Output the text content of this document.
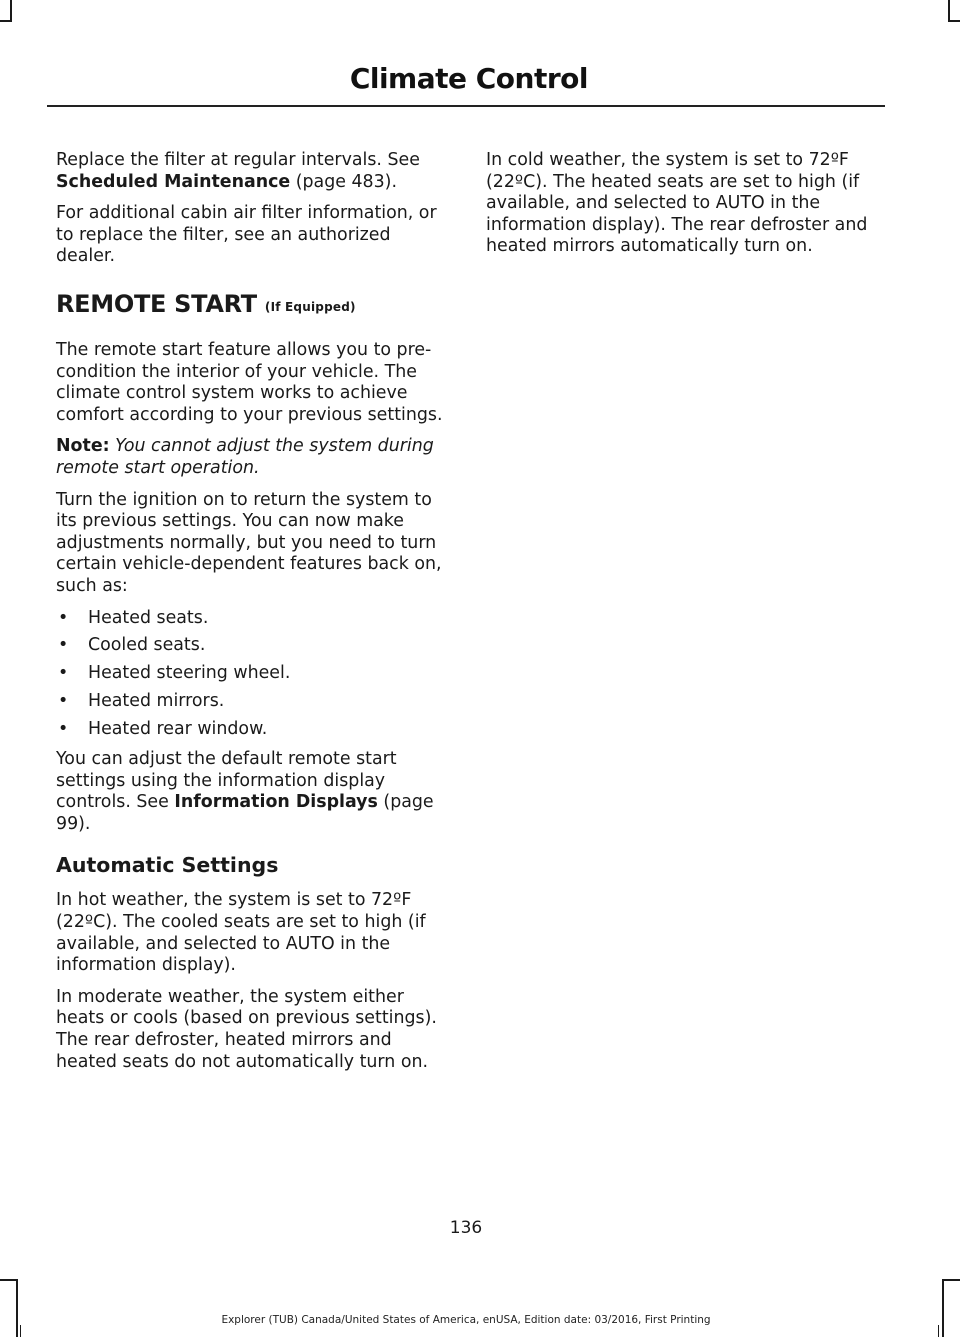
Climate Control

Replace the filter at regular intervals. See Scheduled Maintenance (page 483).

For additional cabin air filter information, or to replace the filter, see an authorized dealer.

REMOTE START (If Equipped)

The remote start feature allows you to pre-condition the interior of your vehicle. The climate control system works to achieve comfort according to your previous settings.

Note: You cannot adjust the system during remote start operation.

Turn the ignition on to return the system to its previous settings. You can now make adjustments normally, but you need to turn certain vehicle-dependent features back on, such as:

• Heated seats.
• Cooled seats.
• Heated steering wheel.
• Heated mirrors.
• Heated rear window.

You can adjust the default remote start settings using the information display controls. See Information Displays (page 99).

Automatic Settings

In hot weather, the system is set to 72ºF (22ºC). The cooled seats are set to high (if available, and selected to AUTO in the information display).

In moderate weather, the system either heats or cools (based on previous settings). The rear defroster, heated mirrors and heated seats do not automatically turn on.

In cold weather, the system is set to 72ºF (22ºC). The heated seats are set to high (if available, and selected to AUTO in the information display). The rear defroster and heated mirrors automatically turn on.

136
Explorer (TUB) Canada/United States of America, enUSA, Edition date: 03/2016, First Printing
